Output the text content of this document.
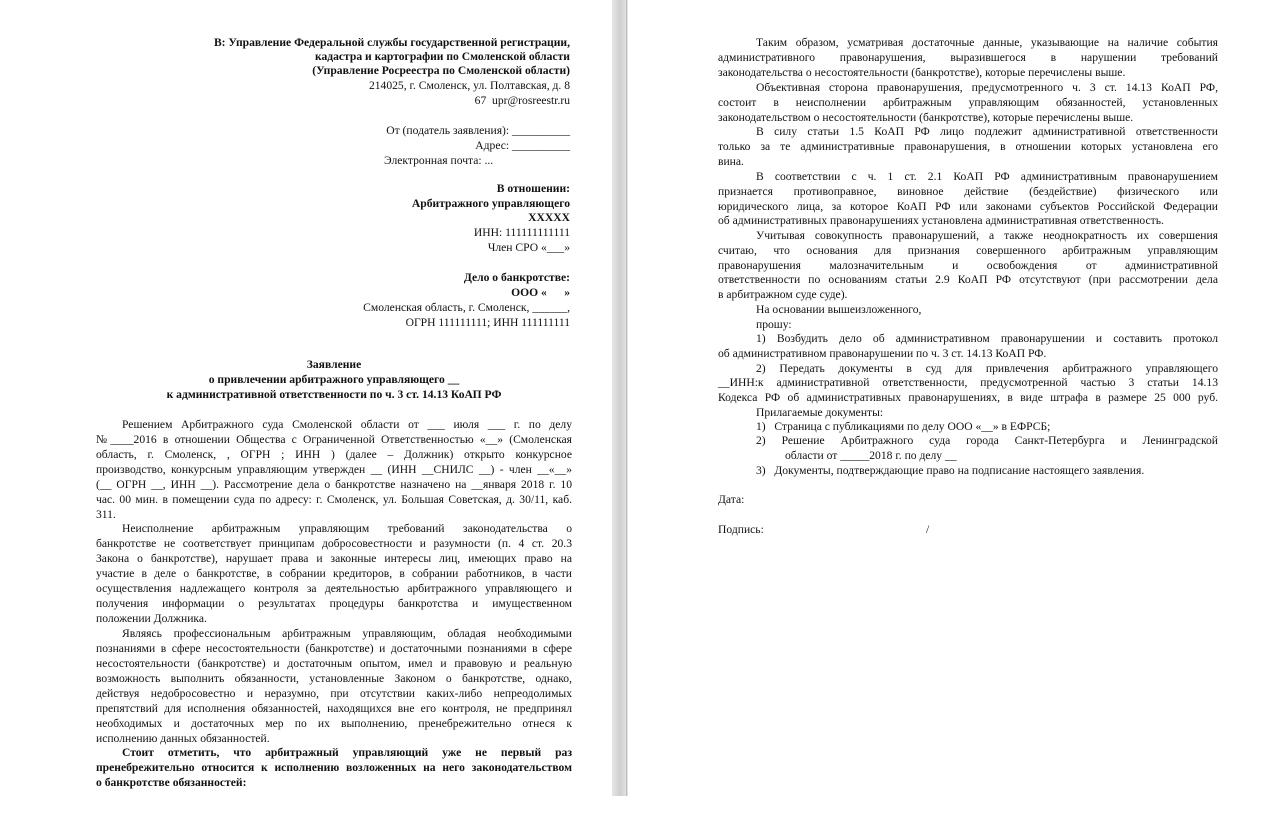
В: Управление Федеральной службы государственной регистрации,
кадастра и картографии по Смоленской области
(Управление Росреестра по Смоленской области)
214025, г. Смоленск, ул. Полтавская, д. 8
67  upr@rosreestr.ru
От (податель заявления): __________
Адрес: __________
Электронная почта: ...
В отношении:
Арбитражного управляющего
ХХХХХ
ИНН: 111111111111
Член СРО «___»
Дело о банкротстве:
ООО «      »
Смоленская область, г. Смоленск, ______,
ОГРН 111111111; ИНН 111111111
Заявление
о привлечении арбитражного управляющего __
к административной ответственности по ч. 3 ст. 14.13 КоАП РФ
Решением Арбитражного суда Смоленской области от ___ июля ___ г. по делу
№____2016 в отношении Общества с Ограниченной Ответственностью «__» (Смоленская
область, г. Смоленск, , ОГРН ; ИНН ) (далее – Должник) открыто конкурсное
производство, конкурсным управляющим утвержден __ (ИНН __СНИЛС __) - член __«__»
(__ ОГРН __, ИНН __). Рассмотрение дела о банкротстве назначено на __января 2018 г. 10
час. 00 мин. в помещении суда по адресу: г. Смоленск, ул. Большая Советская, д. 30/11, каб.
311.
Неисполнение арбитражным управляющим требований законодательства о
банкротстве не соответствует принципам добросовестности и разумности (п. 4 ст. 20.3
Закона о банкротстве), нарушает права и законные интересы лиц, имеющих право на
участие в деле о банкротстве, в собрании кредиторов, в собрании работников, в части
осуществления надлежащего контроля за деятельностью арбитражного управляющего и
получения информации о результатах процедуры банкротства и имущественном
положении Должника.
Являясь профессиональным арбитражным управляющим, обладая необходимыми
познаниями в сфере несостоятельности (банкротстве) и достаточными познаниями в сфере
несостоятельности (банкротстве) и достаточным опытом, имел и правовую и реальную
возможность выполнить обязанности, установленные Законом о банкротстве, однако,
действуя недобросовестно и неразумно, при отсутствии каких-либо непреодолимых
препятствий для исполнения обязанностей, находящихся вне его контроля, не предпринял
необходимых и достаточных мер по их выполнению, пренебрежительно отнеся к
исполнению данных обязанностей.
Стоит отметить, что арбитражный управляющий уже не первый раз
пренебрежительно относится к исполнению возложенных на него законодательством
о банкротстве обязанностей:
Таким образом, усматривая достаточные данные, указывающие на наличие события
административного правонарушения, выразившегося в нарушении требований
законодательства о несостоятельности (банкротстве), которые перечислены выше.
Объективная сторона правонарушения, предусмотренного ч. 3 ст. 14.13 КоАП РФ,
состоит в неисполнении арбитражным управляющим обязанностей, установленных
законодательством о несостоятельности (банкротстве), которые перечислены выше.
В силу статьи 1.5 КоАП РФ лицо подлежит административной ответственности
только за те административные правонарушения, в отношении которых установлена его
вина.
В соответствии с ч. 1 ст. 2.1 КоАП РФ административным правонарушением
признается противоправное, виновное действие (бездействие) физического или
юридического лица, за которое КоАП РФ или законами субъектов Российской Федерации
об административных правонарушениях установлена административная ответственность.
Учитывая совокупность правонарушений, а также неоднократность их совершения
считаю, что основания для признания совершенного арбитражным управляющим
правонарушения малозначительным и освобождения от административной
ответственности по основаниям статьи 2.9 КоАП РФ отсутствуют (при рассмотрении дела
в арбитражном суде суде).
На основании вышеизложенного,
прошу:
1) Возбудить дело об административном правонарушении и составить протокол
об административном правонарушении по ч. 3 ст. 14.13 КоАП РФ.
2) Передать документы в суд для привлечения арбитражного управляющего
__ИНН:к административной ответственности, предусмотренной частью 3 статьи 14.13
Кодекса РФ об административных правонарушениях, в виде штрафа в размере 25 000 руб.
Прилагаемые документы:
1)   Страница с публикациями по делу ООО «__» в ЕФРСБ;
2) Решение Арбитражного суда города Санкт-Петербурга и Ленинградской
области от _____2018 г. по делу __
3)   Документы, подтверждающие право на подписание настоящего заявления.
Дата:
Подпись:	/
